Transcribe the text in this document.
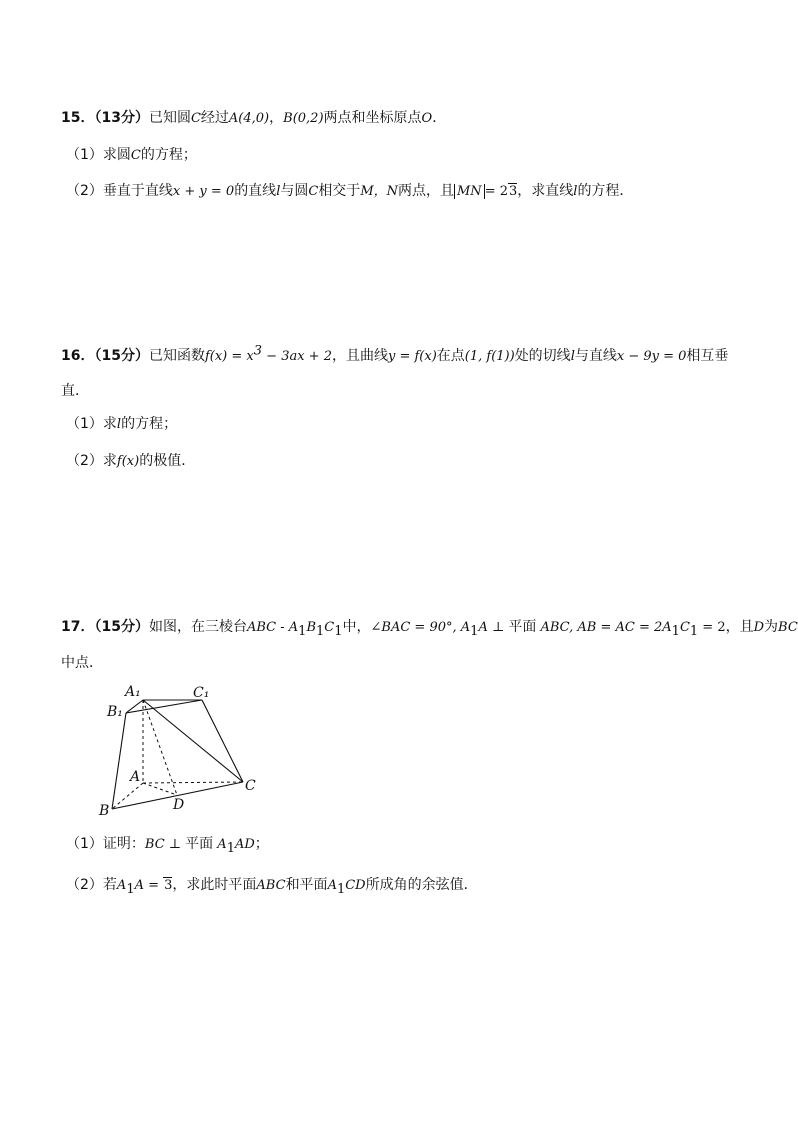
15．（13分）已知圆C经过A(4,0)，B(0,2)两点和坐标原点O．
（1）求圆C的方程；
（2）垂直于直线x + y = 0的直线l与圆C相交于M，N两点，且 MN = 23，求直线l的方程．
16．（15分）已知函数$f(x) = x^3 - 3ax + 2$，且曲线y = f(x)在点(1, f(1))处的切线l与直线x − 9y = 0相互垂
直．
（1）求l的方程；
（2）求f(x)的极值．
17．（15分）如图，在三棱台ABC - $A_1B_1C_1$中，∠BAC = 90°, $A_1A$ ⊥ 平面 ABC, AB = AC = $2A_1C_1 = 2$，且D为BC
中点．
A₁	C₁
B₁
A
C
B	D
（1）证明：BC ⊥ 平面 $A_1AD$；
（2）若$A_1A = 3$，求此时平面ABC和平面$A_1CD$所成角的余弦值．
